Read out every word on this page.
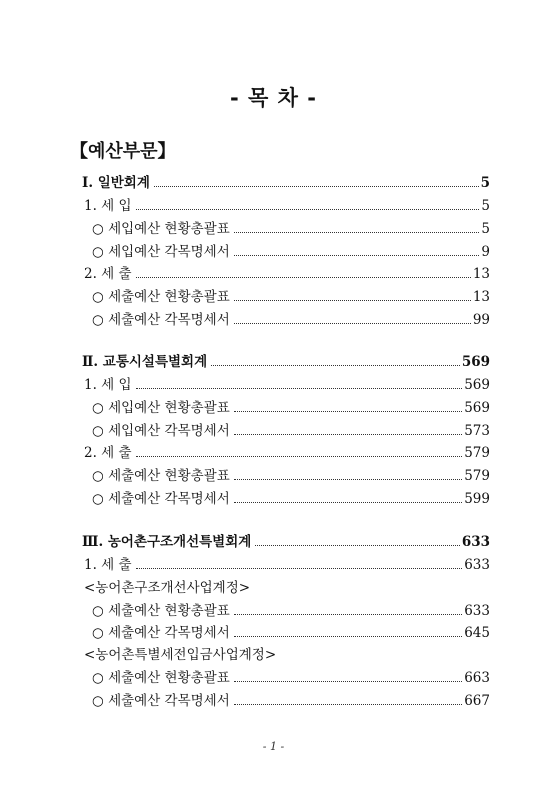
- 목 차 -
【예산부문】
Ⅰ. 일반회계	5
1. 세 입	5
○ 세입예산 현황총괄표	5
○ 세입예산 각목명세서	9
2. 세 출	13
○ 세출예산 현황총괄표	13
○ 세출예산 각목명세서	99
Ⅱ. 교통시설특별회계	569
1. 세 입	569
○ 세입예산 현황총괄표	569
○ 세입예산 각목명세서	573
2. 세 출	579
○ 세출예산 현황총괄표	579
○ 세출예산 각목명세서	599
Ⅲ. 농어촌구조개선특별회계	633
1. 세 출	633
<농어촌구조개선사업계정>
○ 세출예산 현황총괄표	633
○ 세출예산 각목명세서	645
<농어촌특별세전입금사업계정>
○ 세출예산 현황총괄표	663
○ 세출예산 각목명세서	667
- 1 -
